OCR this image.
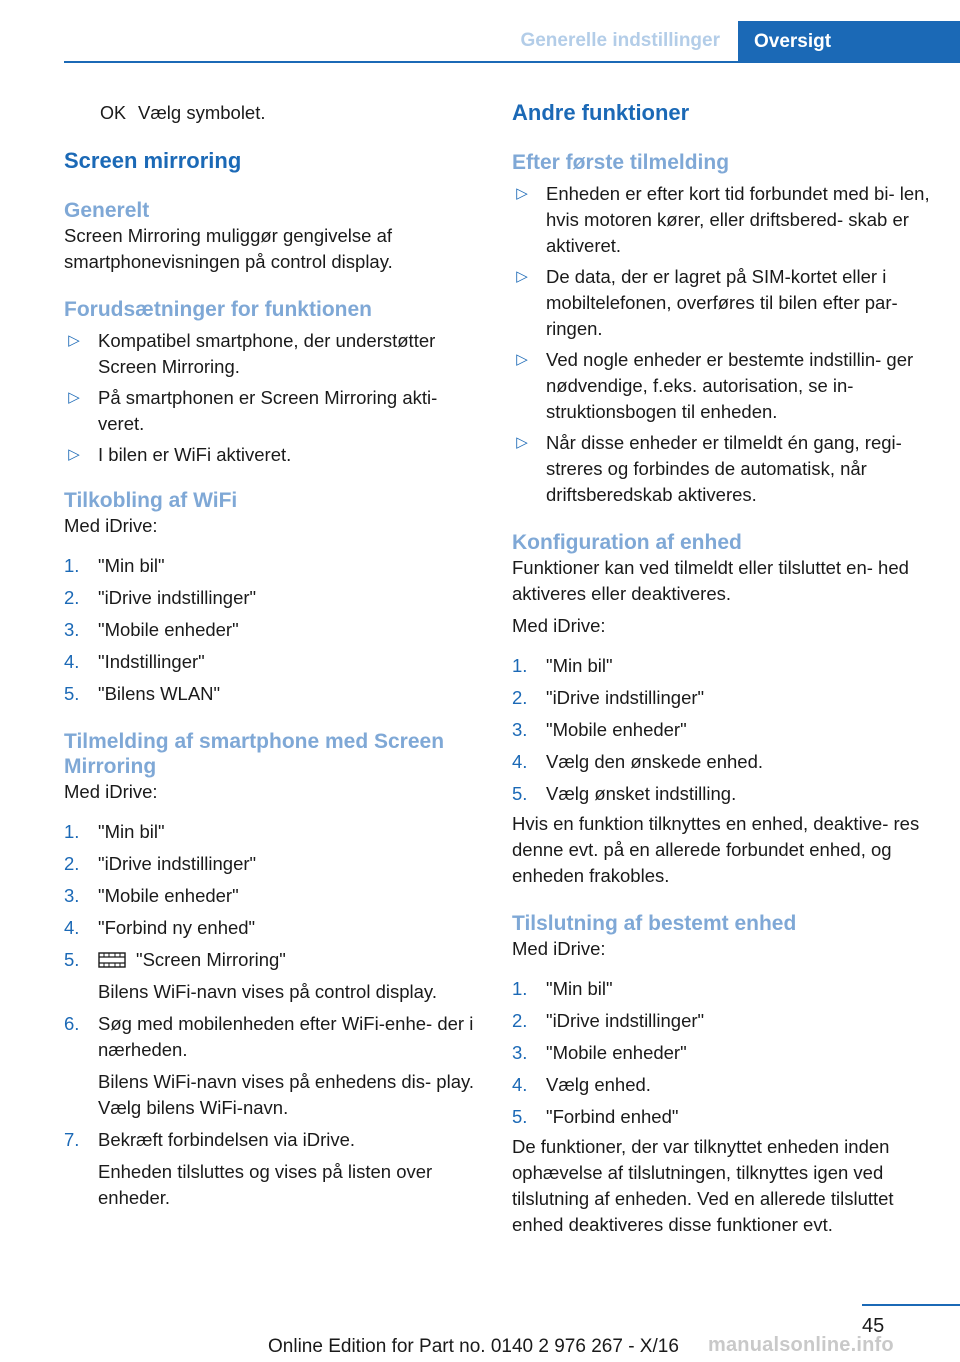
Generelle indstillinger Oversigt
OK Vælg symbolet.
Screen mirroring
Generelt

Screen Mirroring muliggør gengivelse af smartphonevisningen på control display.

Forudsætninger for funktionen
▷ Kompatibel smartphone, der understøtter Screen Mirroring.
▷ På smartphonen er Screen Mirroring akti- veret.
▷ I bilen er WiFi aktiveret.
Tilkobling af WiFi

Med iDrive:

1. "Min bil"
2. "iDrive indstillinger"
3. "Mobile enheder"
4. "Indstillinger"
5. "Bilens WLAN"
Tilmelding af smartphone med Screen Mirroring

Med iDrive:

1. "Min bil"
2. "iDrive indstillinger"
3. "Mobile enheder"
4. "Forbind ny enhed"
5.	"Screen Mirroring"
Bilens WiFi-navn vises på control display.
6. Søg med mobilenheden efter WiFi-enhe- der i nærheden.
Bilens WiFi-navn vises på enhedens dis- play. Vælg bilens WiFi-navn.
7. Bekræft forbindelsen via iDrive.
Enheden tilsluttes og vises på listen over enheder.
Andre funktioner
Efter første tilmelding
▷ Enheden er efter kort tid forbundet med bi- len, hvis motoren kører, eller driftsbered- skab er aktiveret.
▷ De data, der er lagret på SIM-kortet eller i mobiltelefonen, overføres til bilen efter par- ringen.
▷ Ved nogle enheder er bestemte indstillin- ger nødvendige, f.eks. autorisation, se in- struktionsbogen til enheden.
▷ Når disse enheder er tilmeldt én gang, regi- streres og forbindes de automatisk, når driftsberedskab aktiveres.
Konfiguration af enhed

Funktioner kan ved tilmeldt eller tilsluttet en- hed aktiveres eller deaktiveres.

Med iDrive:

1. "Min bil"
2. "iDrive indstillinger"
3. "Mobile enheder"
4. Vælg den ønskede enhed.
5. Vælg ønsket indstilling.

Hvis en funktion tilknyttes en enhed, deaktive- res denne evt. på en allerede forbundet enhed, og enheden frakobles.

Tilslutning af bestemt enhed

Med iDrive:

1. "Min bil"
2. "iDrive indstillinger"
3. "Mobile enheder"
4. Vælg enhed.
5. "Forbind enhed"

De funktioner, der var tilknyttet enheden inden ophævelse af tilslutningen, tilknyttes igen ved tilslutning af enheden. Ved en allerede tilsluttet enhed deaktiveres disse funktioner evt.

45
Online Edition for Part no. 0140 2 976 267 - X/16 manualsonline.info
